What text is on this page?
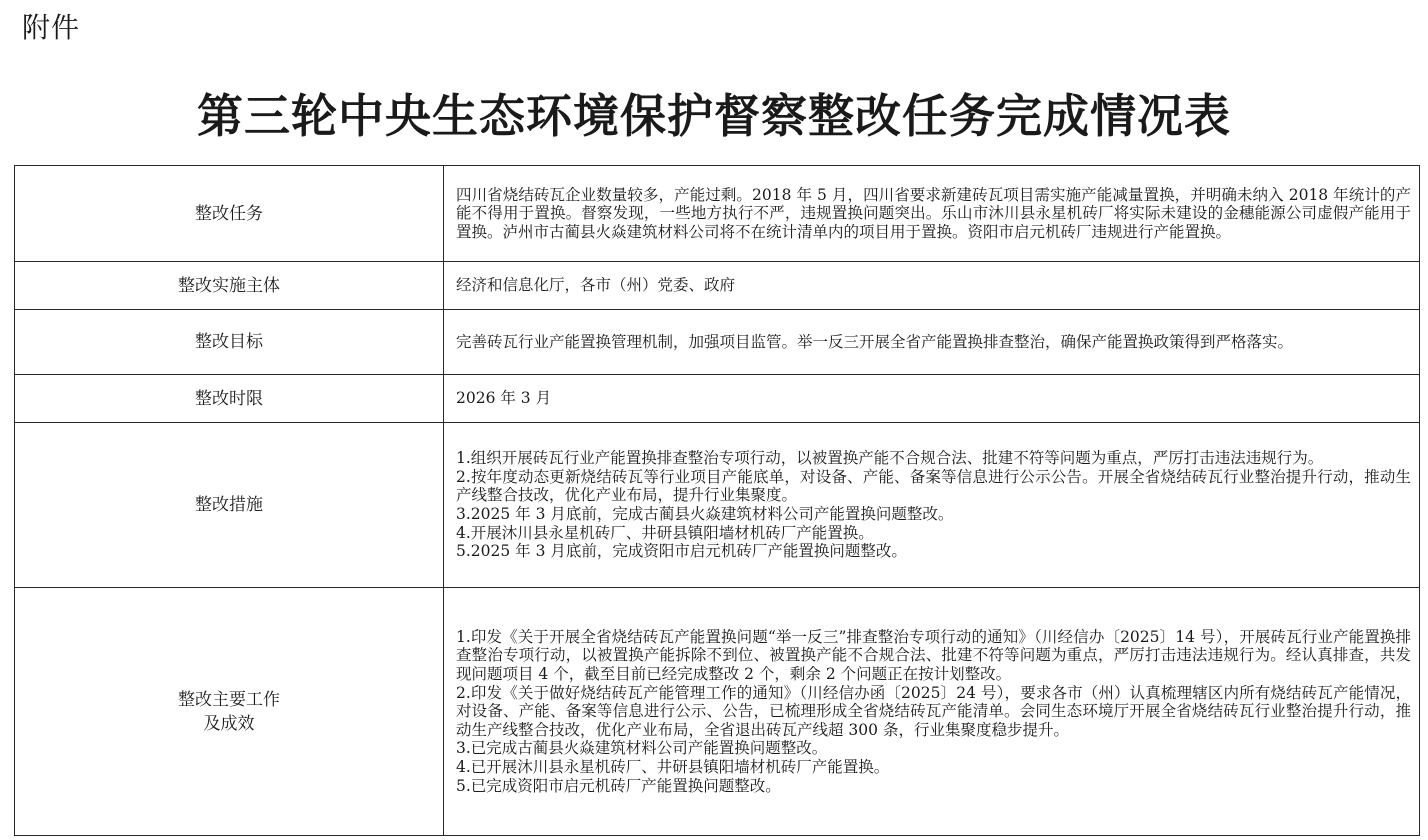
附件
第三轮中央生态环境保护督察整改任务完成情况表
整改任务	四川省烧结砖瓦企业数量较多，产能过剩。2018 年 5 月，四川省要求新建砖瓦项目需实施产能减量置换，并明确未纳入 2018 年统计的产能不得用于置换。督察发现，一些地方执行不严，违规置换问题突出。乐山市沐川县永星机砖厂将实际未建设的金穗能源公司虚假产能用于置换。泸州市古蔺县火焱建筑材料公司将不在统计清单内的项目用于置换。资阳市启元机砖厂违规进行产能置换。

整改实施主体	经济和信息化厅，各市（州）党委、政府

整改目标	完善砖瓦行业产能置换管理机制，加强项目监管。举一反三开展全省产能置换排查整治，确保产能置换政策得到严格落实。

整改时限	2026 年 3 月

整改措施	1.组织开展砖瓦行业产能置换排查整治专项行动，以被置换产能不合规合法、批建不符等问题为重点，严厉打击违法违规行为。
2.按年度动态更新烧结砖瓦等行业项目产能底单，对设备、产能、备案等信息进行公示公告。开展全省烧结砖瓦行业整治提升行动，推动生产线整合技改，优化产业布局，提升行业集聚度。
3.2025 年 3 月底前，完成古蔺县火焱建筑材料公司产能置换问题整改。
4.开展沐川县永星机砖厂、井研县镇阳墙材机砖厂产能置换。
5.2025 年 3 月底前，完成资阳市启元机砖厂产能置换问题整改。

整改主要工作
及成效	1.印发《关于开展全省烧结砖瓦产能置换问题“举一反三”排查整治专项行动的通知》（川经信办〔2025〕14 号），开展砖瓦行业产能置换排查整治专项行动，以被置换产能拆除不到位、被置换产能不合规合法、批建不符等问题为重点，严厉打击违法违规行为。经认真排查，共发现问题项目 4 个，截至目前已经完成整改 2 个，剩余 2 个问题正在按计划整改。
2.印发《关于做好烧结砖瓦产能管理工作的通知》（川经信办函〔2025〕24 号），要求各市（州）认真梳理辖区内所有烧结砖瓦产能情况，对设备、产能、备案等信息进行公示、公告，已梳理形成全省烧结砖瓦产能清单。会同生态环境厅开展全省烧结砖瓦行业整治提升行动，推动生产线整合技改，优化产业布局，全省退出砖瓦产线超 300 条，行业集聚度稳步提升。
3.已完成古蔺县火焱建筑材料公司产能置换问题整改。
4.已开展沐川县永星机砖厂、井研县镇阳墙材机砖厂产能置换。
5.已完成资阳市启元机砖厂产能置换问题整改。
